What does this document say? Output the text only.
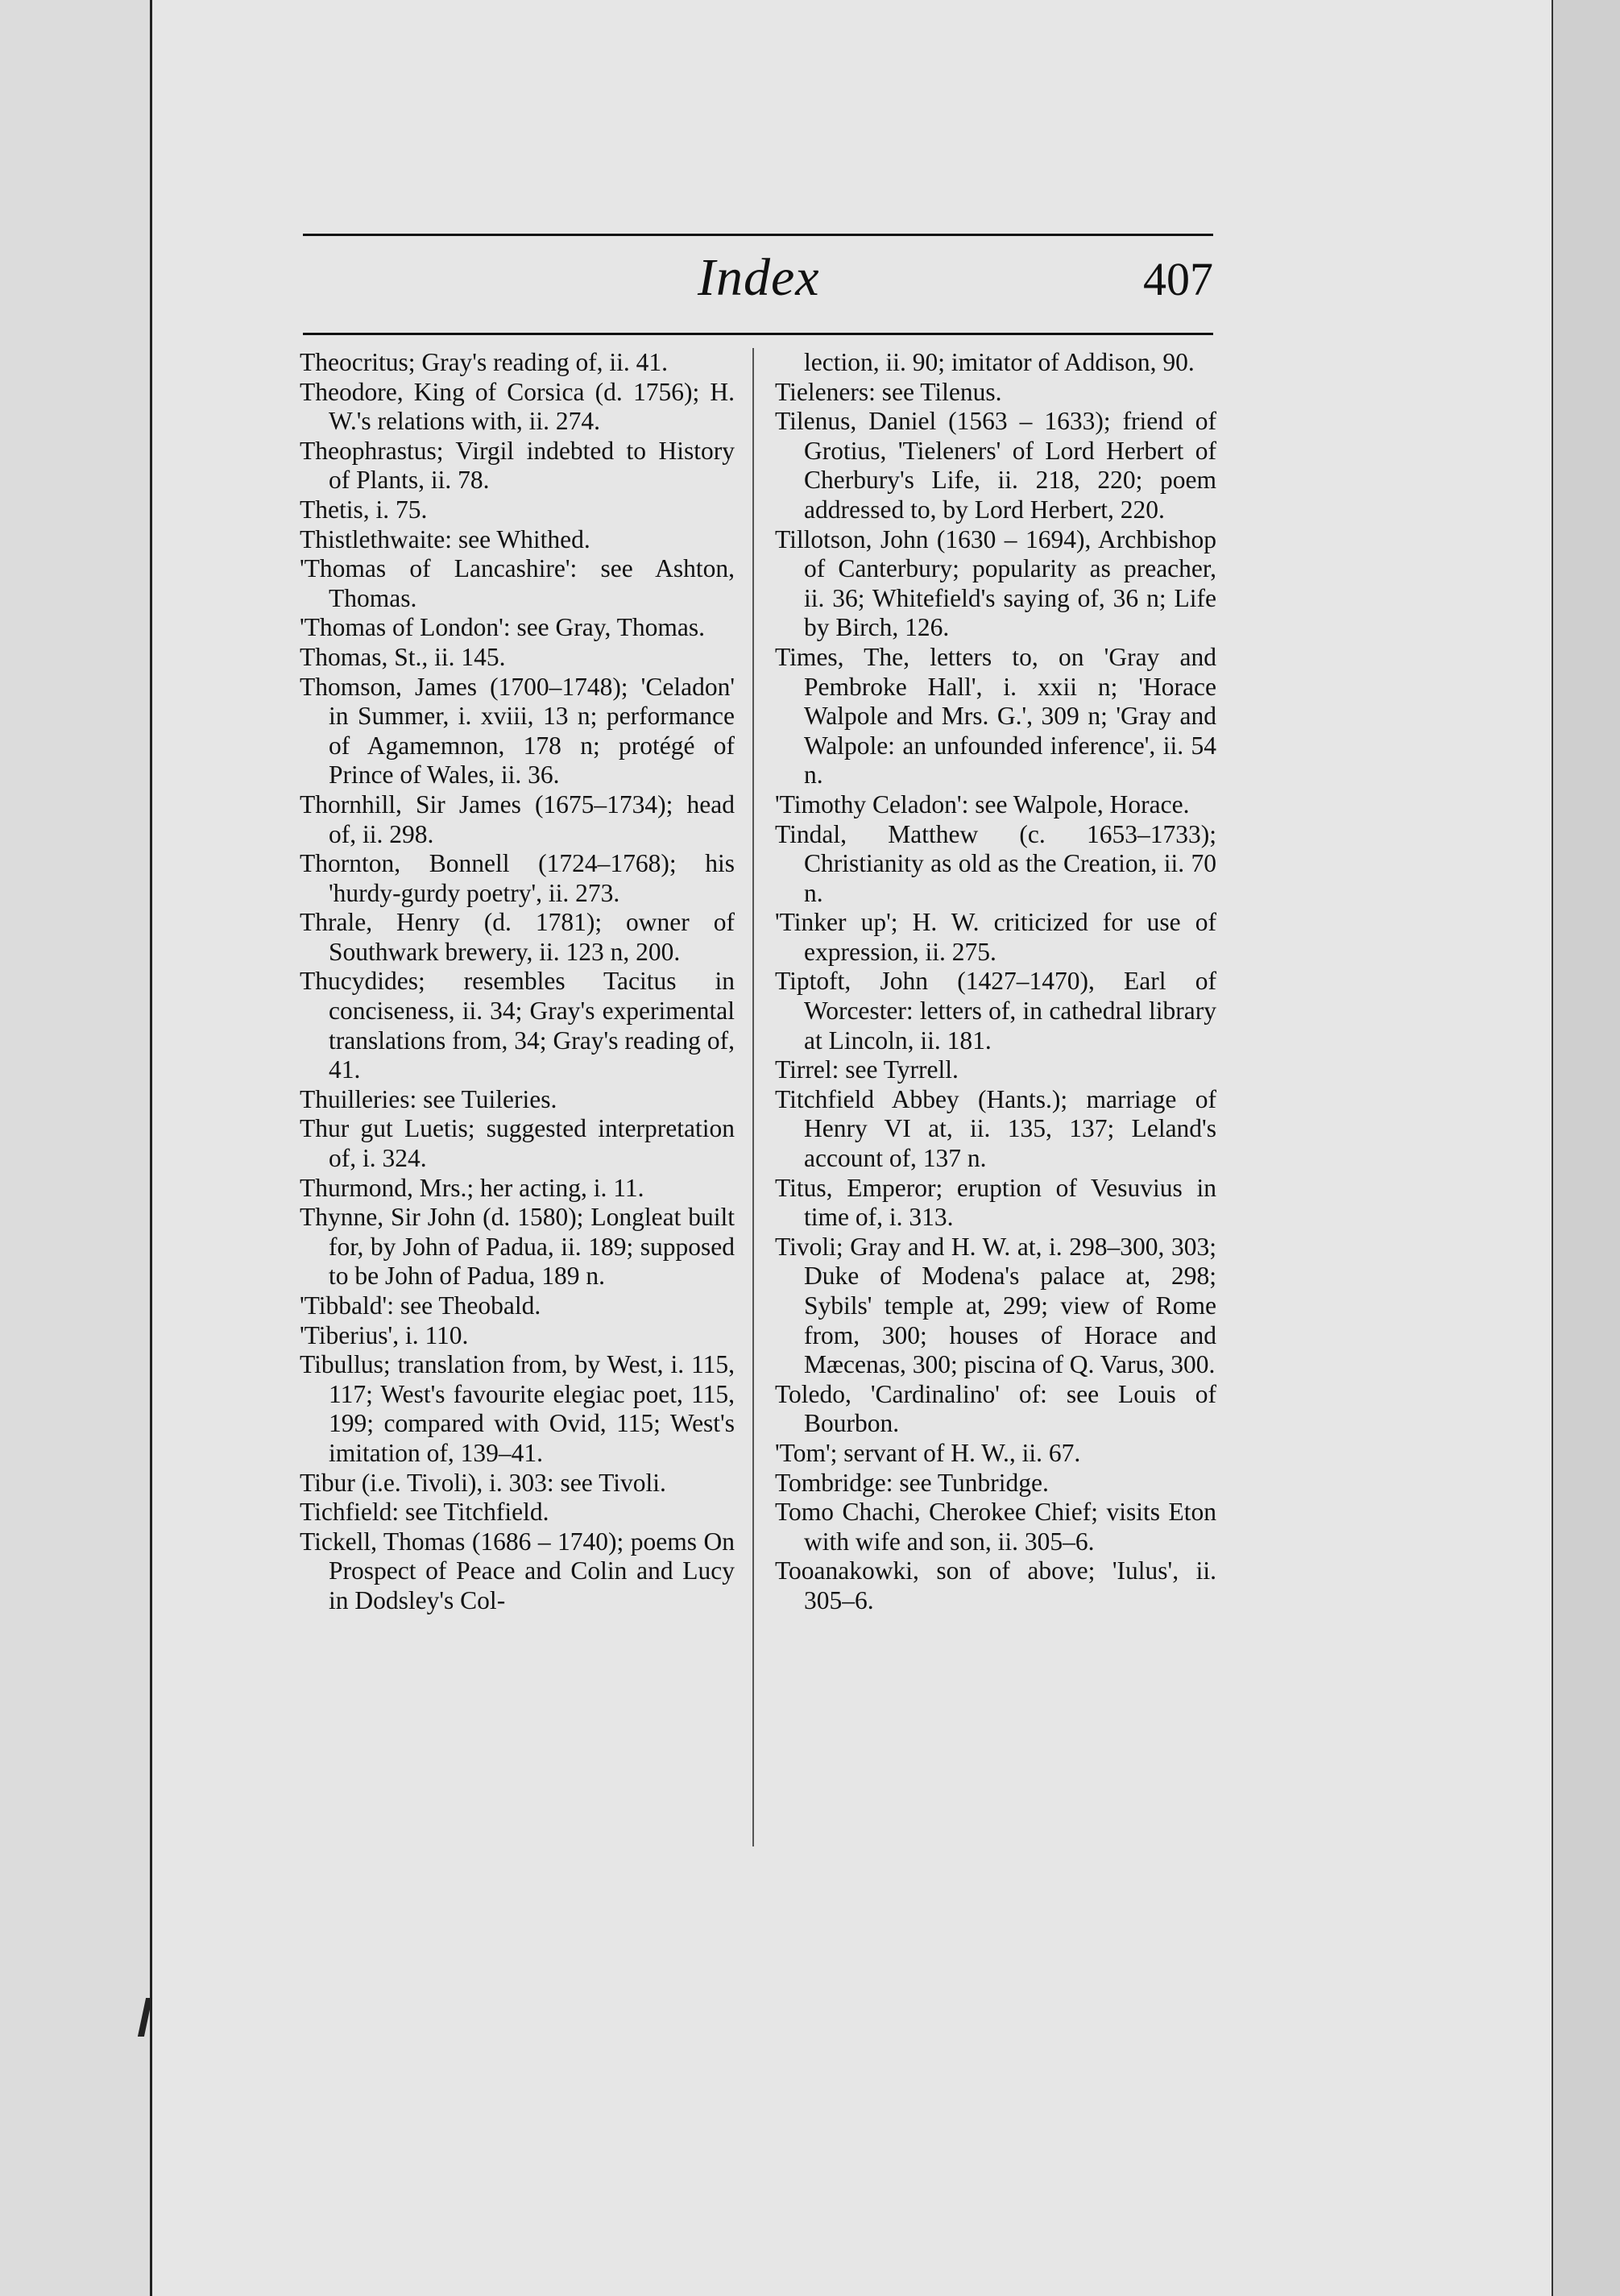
Index	407

Theocritus; Gray's reading of, ii. 41.

Theodore, King of Corsica (d. 1756); H. W.'s relations with, ii. 274.

Theophrastus; Virgil indebted to History of Plants, ii. 78.

Thetis, i. 75.

Thistlethwaite: see Whithed.

'Thomas of Lancashire': see Ashton, Thomas.

'Thomas of London': see Gray, Thomas.

Thomas, St., ii. 145.

Thomson, James (1700–1748); 'Celadon' in Summer, i. xviii, 13 n; performance of Agamemnon, 178 n; protégé of Prince of Wales, ii. 36.

Thornhill, Sir James (1675–1734); head of, ii. 298.

Thornton, Bonnell (1724–1768); his 'hurdy-gurdy poetry', ii. 273.

Thrale, Henry (d. 1781); owner of Southwark brewery, ii. 123 n, 200.

Thucydides; resembles Tacitus in conciseness, ii. 34; Gray's experimental translations from, 34; Gray's reading of, 41.

Thuilleries: see Tuileries.

Thur gut Luetis; suggested interpretation of, i. 324.

Thurmond, Mrs.; her acting, i. 11.

Thynne, Sir John (d. 1580); Longleat built for, by John of Padua, ii. 189; supposed to be John of Padua, 189 n.

'Tibbald': see Theobald.

'Tiberius', i. 110.

Tibullus; translation from, by West, i. 115, 117; West's favourite elegiac poet, 115, 199; compared with Ovid, 115; West's imitation of, 139–41.

Tibur (i.e. Tivoli), i. 303: see Tivoli.

Tichfield: see Titchfield.

Tickell, Thomas (1686 – 1740); poems On Prospect of Peace and Colin and Lucy in Dodsley's Col-

lection, ii. 90; imitator of Addison, 90.

Tieleners: see Tilenus.

Tilenus, Daniel (1563 – 1633); friend of Grotius, 'Tieleners' of Lord Herbert of Cherbury's Life, ii. 218, 220; poem addressed to, by Lord Herbert, 220.

Tillotson, John (1630 – 1694), Archbishop of Canterbury; popularity as preacher, ii. 36; Whitefield's saying of, 36 n; Life by Birch, 126.

Times, The, letters to, on 'Gray and Pembroke Hall', i. xxii n; 'Horace Walpole and Mrs. G.', 309 n; 'Gray and Walpole: an unfounded inference', ii. 54 n.

'Timothy Celadon': see Walpole, Horace.

Tindal, Matthew (c. 1653–1733); Christianity as old as the Creation, ii. 70 n.

'Tinker up'; H. W. criticized for use of expression, ii. 275.

Tiptoft, John (1427–1470), Earl of Worcester: letters of, in cathedral library at Lincoln, ii. 181.

Tirrel: see Tyrrell.

Titchfield Abbey (Hants.); marriage of Henry VI at, ii. 135, 137; Leland's account of, 137 n.

Titus, Emperor; eruption of Vesuvius in time of, i. 313.

Tivoli; Gray and H. W. at, i. 298–300, 303; Duke of Modena's palace at, 298; Sybils' temple at, 299; view of Rome from, 300; houses of Horace and Mæcenas, 300; piscina of Q. Varus, 300.

Toledo, 'Cardinalino' of: see Louis of Bourbon.

'Tom'; servant of H. W., ii. 67.

Tombridge: see Tunbridge.

Tomo Chachi, Cherokee Chief; visits Eton with wife and son, ii. 305–6.

Tooanakowki, son of above; 'Iulus', ii. 305–6.
